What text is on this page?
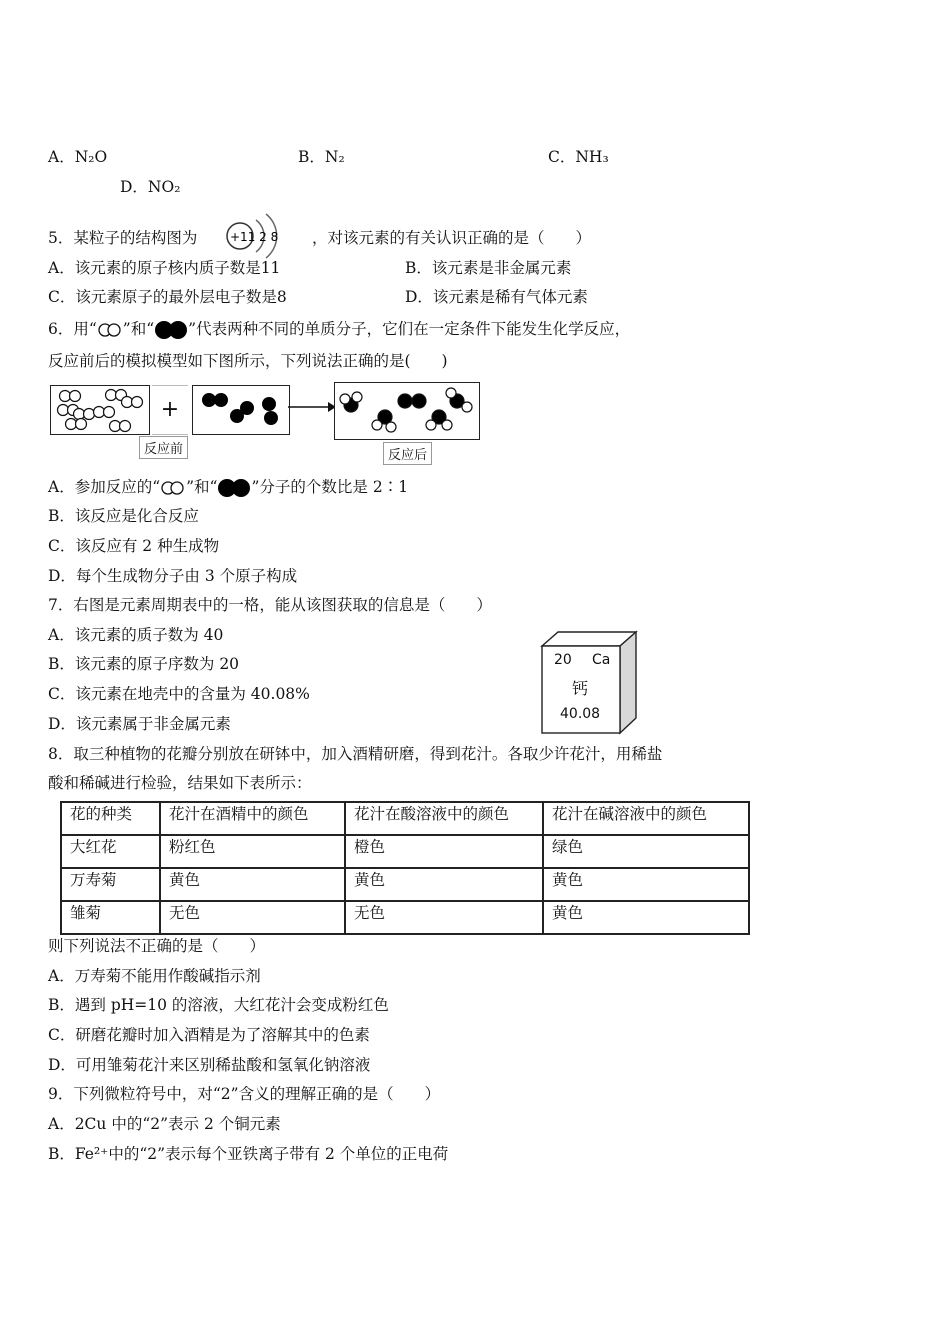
A．N₂O	B．N₂	C．NH₃
D．NO₂
5．某粒子的结构图为	+11 2 8 ，对该元素的有关认识正确的是（　　）
A．该元素的原子核内质子数是11	B．该元素是非金属元素
C．该元素原子的最外层电子数是8	D．该元素是稀有气体元素
6．用“ ”和“ ”代表两种不同的单质分子，它们在一定条件下能发生化学反应，
反应前后的模拟模型如下图所示，下列说法正确的是(　　)
+
反应前	反应后
A．参加反应的“ ”和“ ”分子的个数比是 2∶1
B．该反应是化合反应
C．该反应有 2 种生成物
D．每个生成物分子由 3 个原子构成
7．右图是元素周期表中的一格，能从该图获取的信息是（　　）
A．该元素的质子数为 40
B．该元素的原子序数为 20
C．该元素在地壳中的含量为 40.08%
D．该元素属于非金属元素
20 Ca
钙
40.08
8．取三种植物的花瓣分别放在研钵中，加入酒精研磨，得到花汁。各取少许花汁，用稀盐
酸和稀碱进行检验，结果如下表所示：
花的种类	花汁在酒精中的颜色	花汁在酸溶液中的颜色	花汁在碱溶液中的颜色
大红花	粉红色	橙色	绿色
万寿菊	黄色	黄色	黄色
雏菊	无色	无色	黄色
则下列说法不正确的是（　　）
A．万寿菊不能用作酸碱指示剂
B．遇到 pH=10 的溶液，大红花汁会变成粉红色
C．研磨花瓣时加入酒精是为了溶解其中的色素
D．可用雏菊花汁来区别稀盐酸和氢氧化钠溶液
9．下列微粒符号中，对“2”含义的理解正确的是（　　）
A．2Cu 中的“2”表示 2 个铜元素
B．Fe²⁺中的“2”表示每个亚铁离子带有 2 个单位的正电荷
